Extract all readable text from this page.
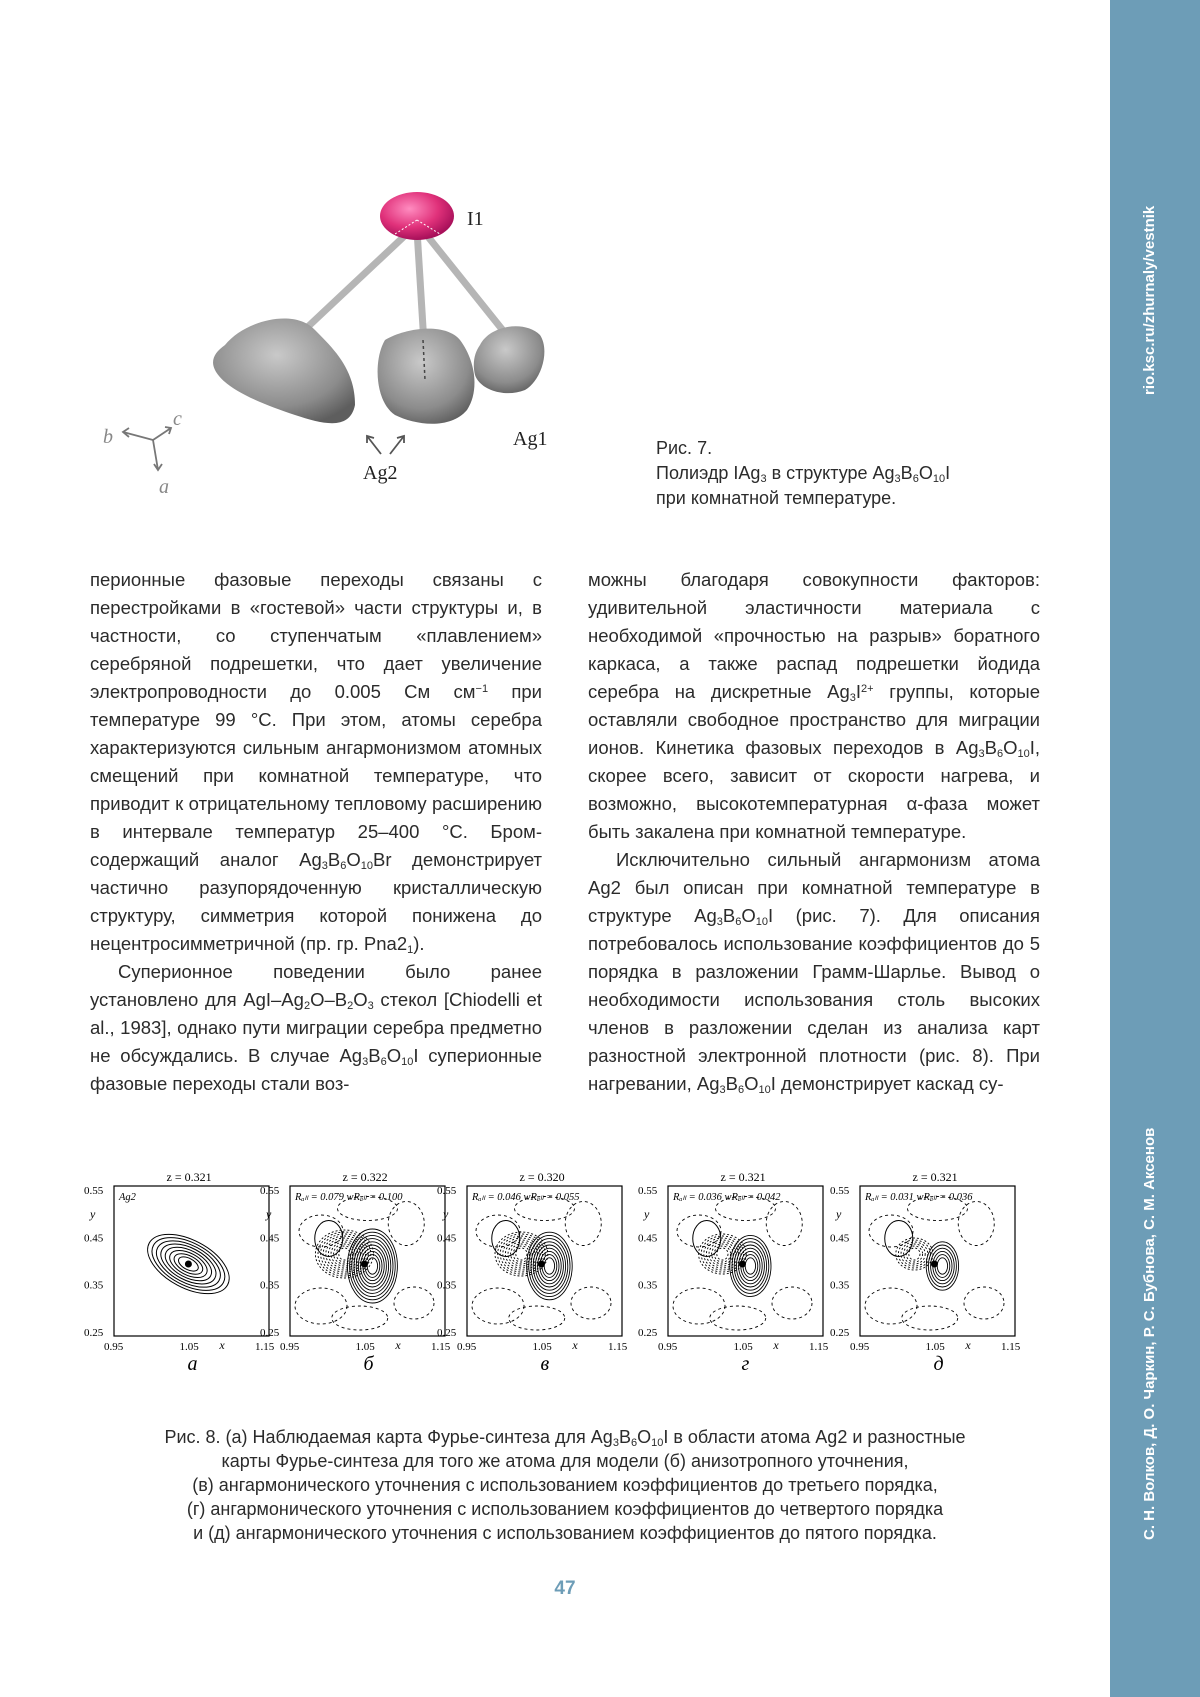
rio.ksc.ru/zhurnaly/vestnik
С. Н. Волков, Д. О. Чаркин, Р. С. Бубнова, С. М. Аксенов
I1
Ag1
Ag2
b
c
a
Рис. 7.
Полиэдр IAg$_3$ в структуре $Ag_3B_6O_{10}I$
при комнатной температуре.

перионные фазовые переходы связаны с перестройками в «гостевой» части структуры и, в частности, со ступенчатым «плавлением» серебряной подрешетки, что дает увеличение электропроводности до 0.005 См $см^{-1}$ при температуре 99 °С. При этом, атомы серебра характеризуются сильным ангармонизмом атомных смещений при комнатной температуре, что приводит к отрицательному тепловому расширению в интервале температур 25–400 °С. Бром-содержащий аналог $Ag_3B_6O_{10}Br$ демонстрирует частично разупорядоченную кристаллическую структуру, симметрия которой понижена до нецентросимметричной (пр. гр. $Pna2_1$).

Суперионное поведении было ранее установлено для AgI–$Ag_2O-B_2O_3$ стекол [Chiodelli et al., 1983], однако пути миграции серебра предметно не обсуждались. В случае $Ag_3B_6O_{10}I$ суперионные фазовые переходы стали воз-

можны благодаря совокупности факторов: удивительной эластичности материала с необходимой «прочностью на разрыв» боратного каркаса, а также распад подрешетки йодида серебра на дискретные $Ag_3I^{2+}$ группы, которые оставляли свободное пространство для миграции ионов. Кинетика фазовых переходов в $Ag_3B_6O_{10}I$, скорее всего, зависит от скорости нагрева, и возможно, высокотемпературная α-фаза может быть закалена при комнатной температуре.

Исключительно сильный ангармонизм атома Ag2 был описан при комнатной температуре в структуре $Ag_3B_6O_{10}I$ (рис. 7). Для описания потребовалось использование коэффициентов до 5 порядка в разложении Грамм-Шарлье. Вывод о необходимости использования столь высоких членов в разложении сделан из анализа карт разностной электронной плотности (рис. 8). При нагревании, $Ag_3B_6O_{10}I$ демонстрирует каскад су-

z = 0.321
Ag2
0.55
0.45
0.35
0.25
y
0.95	1.05	1.15
x
а
z = 0.322
Rₐₗₗ = 0.079 wRₐₗₗ = 0.100
0.55
0.45
0.35
0.25
y
0.95	1.05	1.15
x
б
z = 0.320
Rₐₗₗ = 0.046 wRₐₗₗ = 0.055
0.55
0.45
0.35
0.25
y
0.95	1.05	1.15
x
в
z = 0.321
Rₐₗₗ = 0.036 wRₐₗₗ = 0.042
0.55
0.45
0.35
0.25
y
0.95	1.05	1.15
x
г
z = 0.321
Rₐₗₗ = 0.031 wRₐₗₗ = 0.036
0.55
0.45
0.35
0.25
y
0.95	1.05	1.15
x
д
Рис. 8. (а) Наблюдаемая карта Фурье-синтеза для $Ag_3B_6O_{10}I$ в области атома Ag2 и разностные
карты Фурье-синтеза для того же атома для модели (б) анизотропного уточнения,
(в) ангармонического уточнения с использованием коэффициентов до третьего порядка,
(г) ангармонического уточнения с использованием коэффициентов до четвертого порядка
и (д) ангармонического уточнения с использованием коэффициентов до пятого порядка.
47
